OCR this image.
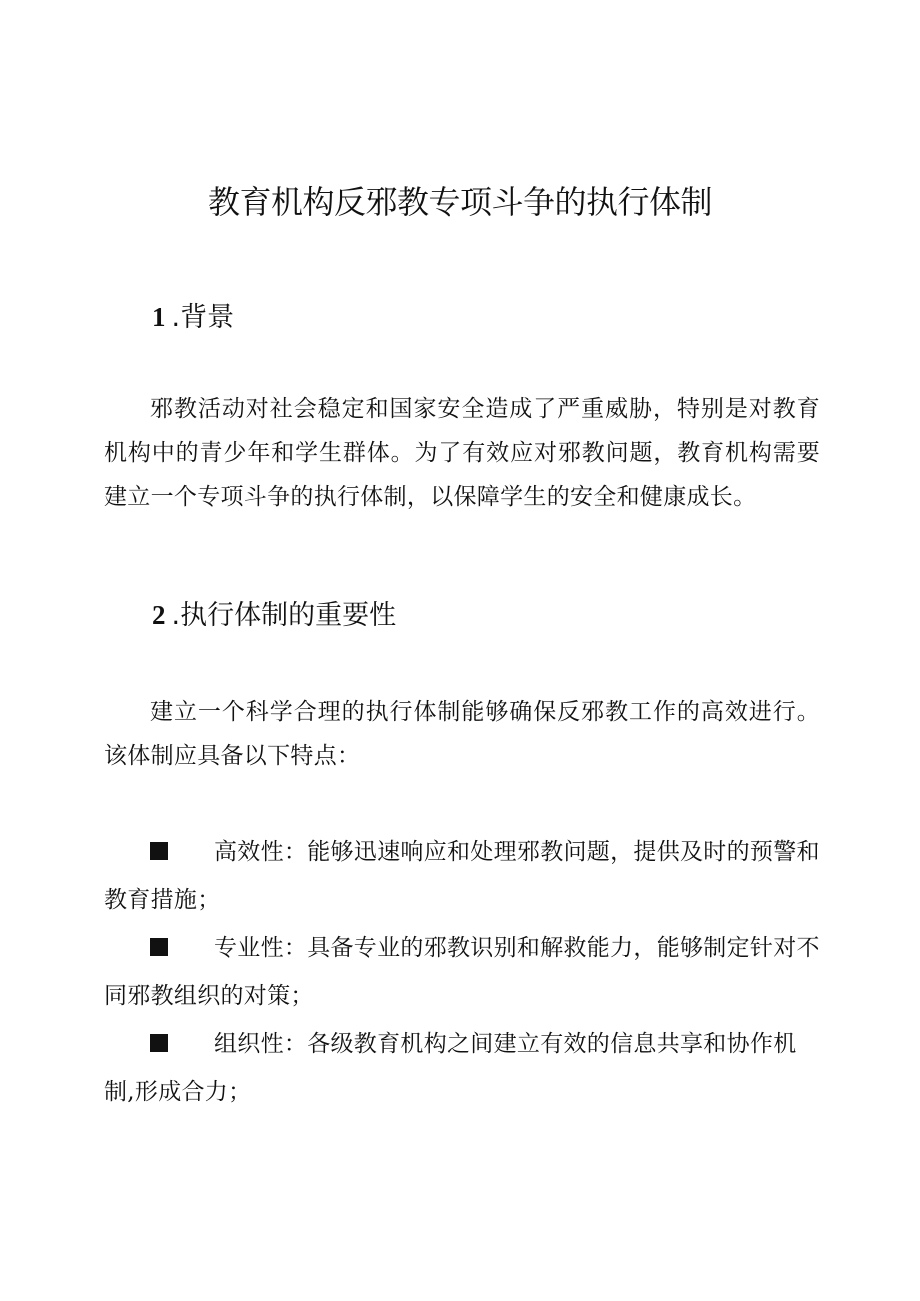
教育机构反邪教专项斗争的执行体制
1 .背景

邪教活动对社会稳定和国家安全造成了严重威胁，特别是对教育机构中的青少年和学生群体。为了有效应对邪教问题，教育机构需要建立一个专项斗争的执行体制，以保障学生的安全和健康成长。

2 .执行体制的重要性

建立一个科学合理的执行体制能够确保反邪教工作的高效进行。该体制应具备以下特点：

高效性：能够迅速响应和处理邪教问题，提供及时的预警和教育措施；

专业性：具备专业的邪教识别和解救能力，能够制定针对不同邪教组织的对策；

组织性：各级教育机构之间建立有效的信息共享和协作机制,形成合力；
